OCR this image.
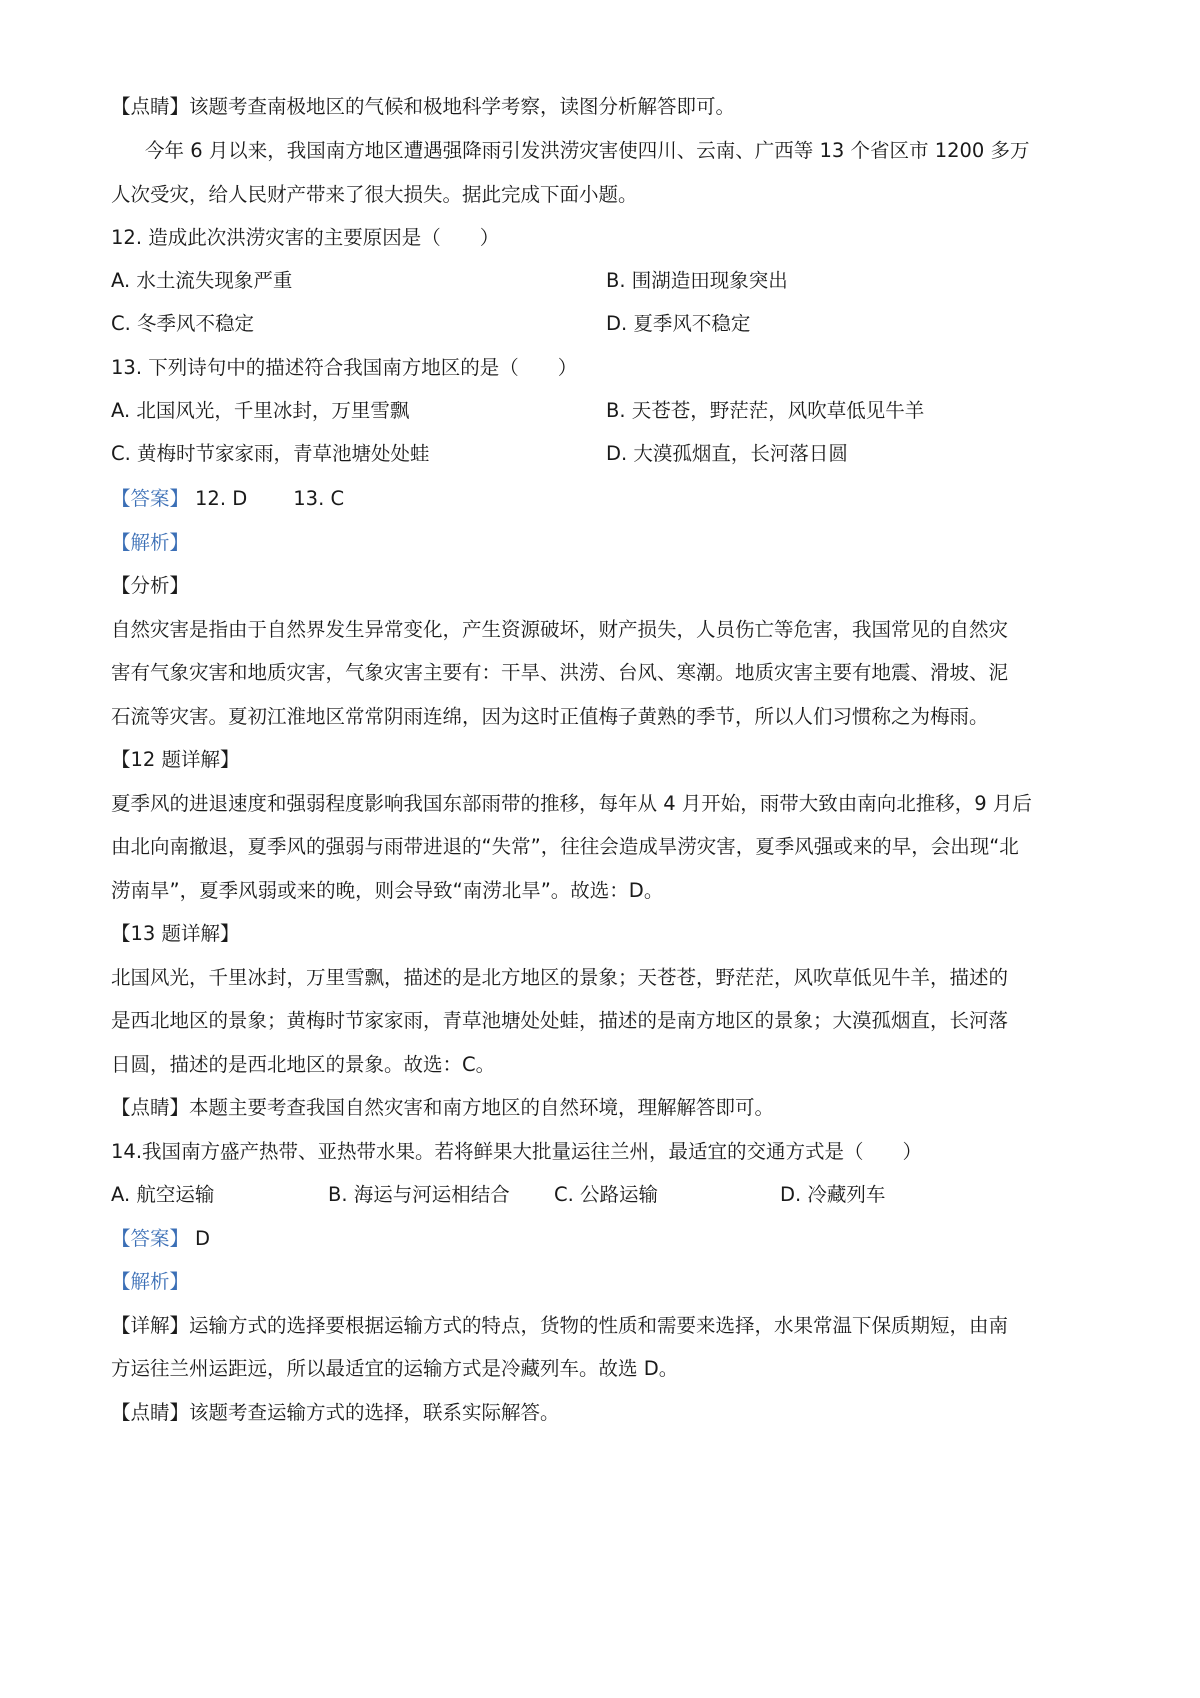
【点睛】该题考查南极地区的气候和极地科学考察，读图分析解答即可。
今年 6 月以来，我国南方地区遭遇强降雨引发洪涝灾害使四川、云南、广西等 13 个省区市 1200 多万
人次受灾，给人民财产带来了很大损失。据此完成下面小题。
12. 造成此次洪涝灾害的主要原因是（　　）
A. 水土流失现象严重	B. 围湖造田现象突出
C. 冬季风不稳定	D. 夏季风不稳定
13. 下列诗句中的描述符合我国南方地区的是（　　）
A. 北国风光，千里冰封，万里雪飘	B. 天苍苍，野茫茫，风吹草低见牛羊
C. 黄梅时节家家雨，青草池塘处处蛙	D. 大漠孤烟直，长河落日圆
【答案】 12. D 13. C
【解析】
【分析】
自然灾害是指由于自然界发生异常变化，产生资源破坏，财产损失，人员伤亡等危害，我国常见的自然灾
害有气象灾害和地质灾害，气象灾害主要有：干旱、洪涝、台风、寒潮。地质灾害主要有地震、滑坡、泥
石流等灾害。夏初江淮地区常常阴雨连绵，因为这时正值梅子黄熟的季节，所以人们习惯称之为梅雨。
【12 题详解】
夏季风的进退速度和强弱程度影响我国东部雨带的推移，每年从 4 月开始，雨带大致由南向北推移，9 月后
由北向南撤退，夏季风的强弱与雨带进退的“失常”，往往会造成旱涝灾害，夏季风强或来的早，会出现“北
涝南旱”，夏季风弱或来的晚，则会导致“南涝北旱”。故选：D。
【13 题详解】
北国风光，千里冰封，万里雪飘，描述的是北方地区的景象；天苍苍，野茫茫，风吹草低见牛羊，描述的
是西北地区的景象；黄梅时节家家雨，青草池塘处处蛙，描述的是南方地区的景象；大漠孤烟直，长河落
日圆，描述的是西北地区的景象。故选：C。
【点睛】本题主要考查我国自然灾害和南方地区的自然环境，理解解答即可。
14.我国南方盛产热带、亚热带水果。若将鲜果大批量运往兰州，最适宜的交通方式是（　　）
A. 航空运输	B. 海运与河运相结合 C. 公路运输	D. 冷藏列车
【答案】 D
【解析】
【详解】运输方式的选择要根据运输方式的特点，货物的性质和需要来选择，水果常温下保质期短，由南
方运往兰州运距远，所以最适宜的运输方式是冷藏列车。故选 D。
【点睛】该题考查运输方式的选择，联系实际解答。
